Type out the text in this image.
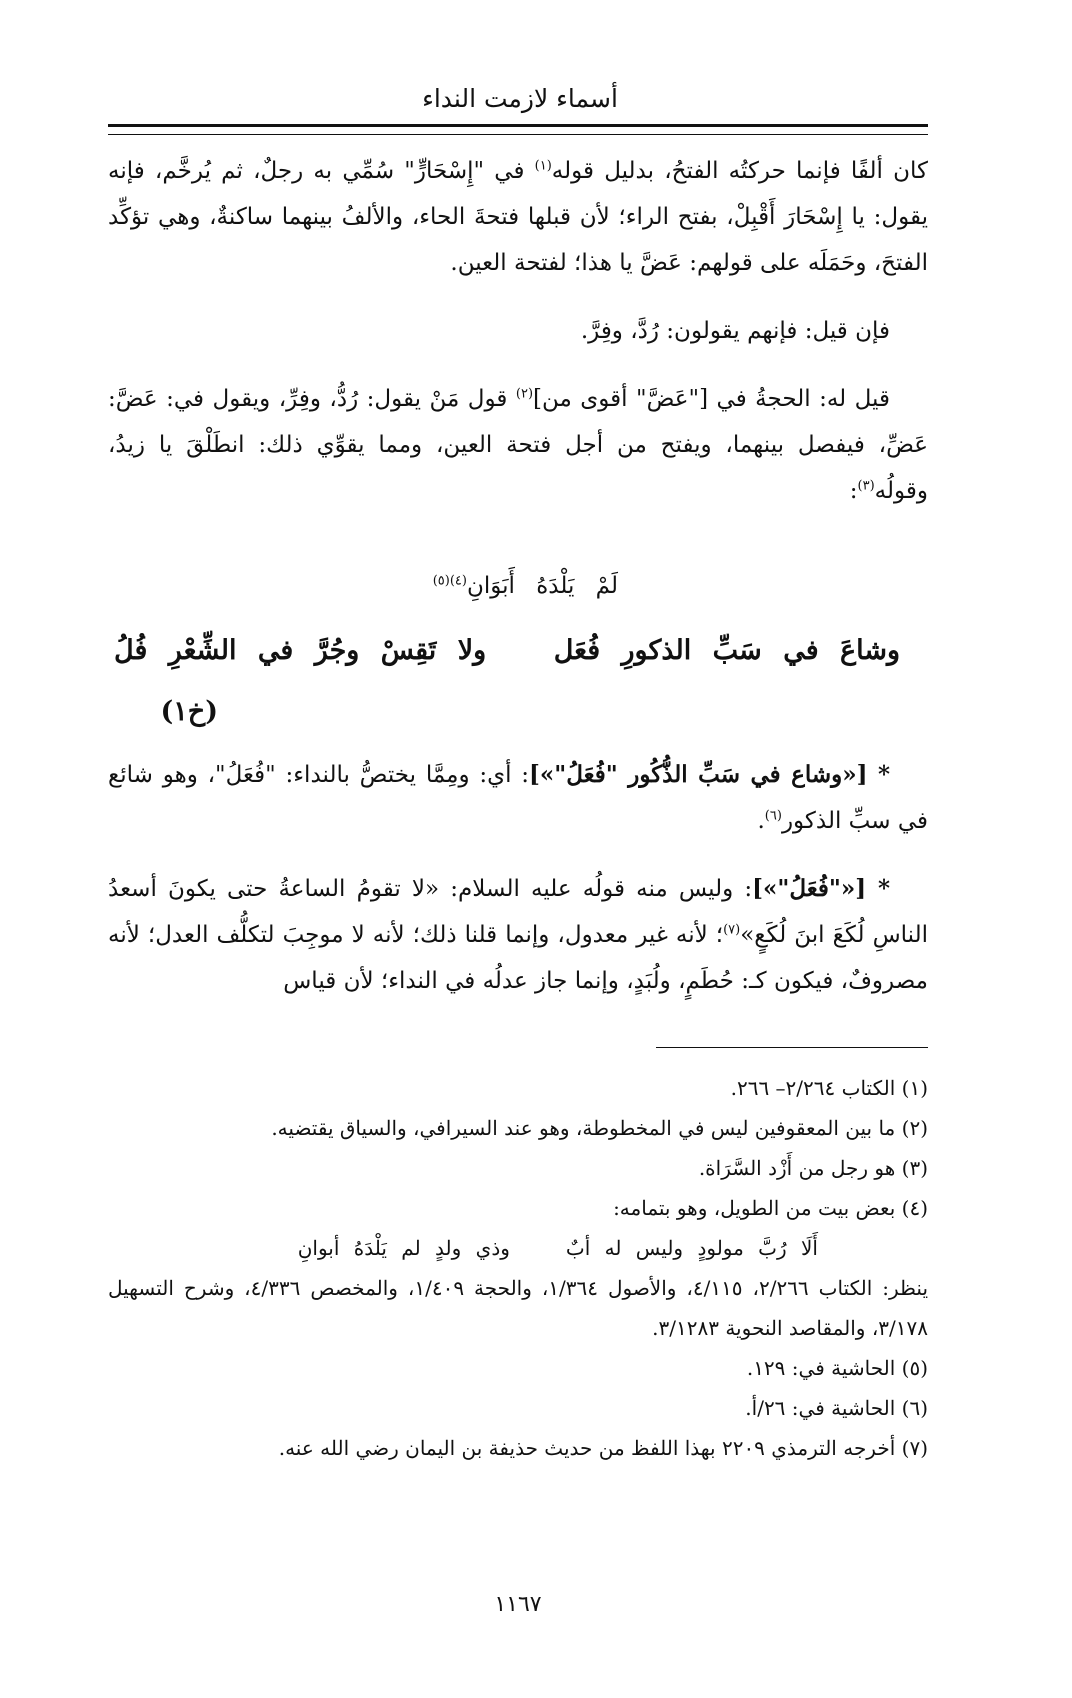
أسماء لازمت النداء

كان ألفًا فإنما حركتُه الفتحُ، بدليل قوله$^{(١)}$ في "إِسْحَارٍّ" سُمِّي به رجلٌ، ثم يُرخَّم، فإنه يقول: يا إِسْحَارَ أَقْبِلْ، بفتح الراء؛ لأن قبلها فتحةَ الحاء، والألفُ بينهما ساكنةٌ، وهي تؤكِّد الفتحَ، وحَمَلَه على قولهم: عَضَّ يا هذا؛ لفتحة العين.

فإن قيل: فإنهم يقولون: رُدَّ، وفِرَّ.

قيل له: الحجةُ في ["عَضَّ" أقوى من]$^{(٢)}$ قول مَنْ يقول: رُدُّ، وفِرِّ، ويقول في: عَضَّ: عَضِّ، فيفصل بينهما، ويفتح من أجل فتحة العين، ومما يقوِّي ذلك: انطَلْقَ يا زيدُ، وقولُه$^{(٣)}$:

لَمْ يَلْدَهُ أَبَوَانِ$^{(٤)(٥)}$
وشاعَ في سَبِّ الذكورِ فُعَل
ولا تَقِسْ وجُرَّ في الشِّعْرِ فُلُ
(خ١)

* [«وشاع في سَبِّ الذُّكُور "فُعَلُ"»]: أي: ومِمَّا يختصُّ بالنداء: "فُعَلُ"، وهو شائع في سبِّ الذكور$^{(٦)}$.

* [«"فُعَلُ"»]: وليس منه قولُه عليه السلام: «لا تقومُ الساعةُ حتى يكونَ أسعدُ الناسِ لُكَعَ ابنَ لُكَعٍ»$^{(٧)}$؛ لأنه غير معدول، وإنما قلنا ذلك؛ لأنه لا موجِبَ لتكلُّف العدل؛ لأنه مصروفٌ، فيكون كـ: حُطَمٍ، ولُبَدٍ، وإنما جاز عدلُه في النداء؛ لأن قياس

(١) الكتاب ٢/٢٦٤– ٢٦٦.

(٢) ما بين المعقوفين ليس في المخطوطة، وهو عند السيرافي، والسياق يقتضيه.

(٣) هو رجل من أَزْد السَّرَاة.

(٤) بعض بيت من الطويل، وهو بتمامه:

أَلَا رُبَّ مولودٍ وليس له أبٌوذي ولدٍ لم يَلْدَهُ أبوانِ

ينظر: الكتاب ٢/٢٦٦، ٤/١١٥، والأصول ١/٣٦٤، والحجة ١/٤٠٩، والمخصص ٤/٣٣٦، وشرح التسهيل ٣/١٧٨، والمقاصد النحوية ٣/١٢٨٣.

(٥) الحاشية في: ١٢٩.

(٦) الحاشية في: ٢٦/أ.

(٧) أخرجه الترمذي ٢٢٠٩ بهذا اللفظ من حديث حذيفة بن اليمان رضي الله عنه.

١١٦٧
